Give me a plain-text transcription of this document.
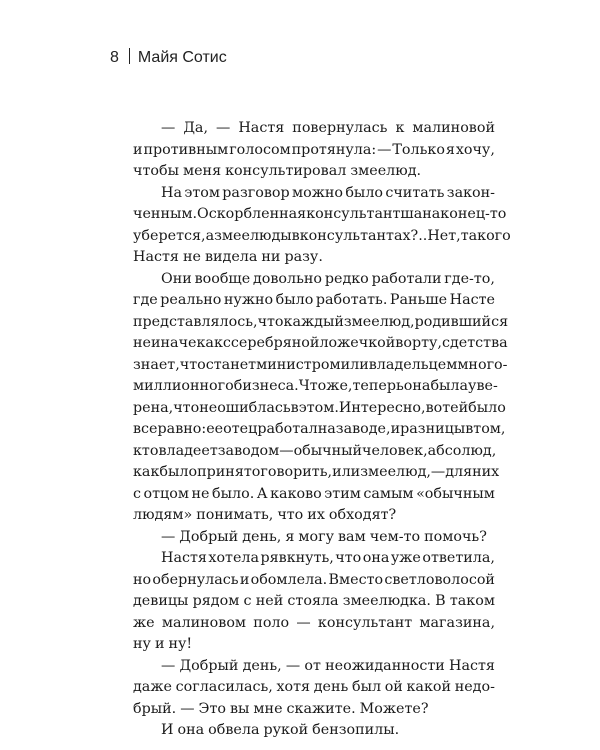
8 Майя Сотис
— Да, — Настя повернулась к малиновой
и противным голосом протянула: — Только я хочу,
чтобы меня консультировал змеелюд.
На этом разговор можно было считать закон-
ченным. Оскорбленная консультантша наконец-то
уберется, а змеелюды в консультантах?.. Нет, такого
Настя не видела ни разу.
Они вообще довольно редко работали где-то,
где реально нужно было работать. Раньше Насте
представлялось, что каждый змеелюд, родившийся
не иначе как с серебряной ложечкой во рту, с детства
знает, что станет министром или владельцем много-
миллионного бизнеса. Что же, теперь она была уве-
рена, что не ошиблась в этом. Интересно, вот ей было
все равно: ее отец работал на заводе, и разницы в том,
кто владеет заводом — обычный человек, абсолюд,
как было принято говорить, или змеелюд, — для них
с отцом не было. А каково этим самым «обычным
людям» понимать, что их обходят?
— Добрый день, я могу вам чем-то помочь?
Настя хотела рявкнуть, что она уже ответила,
но обернулась и обомлела. Вместо светловолосой
девицы рядом с ней стояла змеелюдка. В таком
же малиновом поло — консультант магазина,
ну и ну!
— Добрый день, — от неожиданности Настя
даже согласилась, хотя день был ой какой недо-
брый. — Это вы мне скажите. Можете?
И она обвела рукой бензопилы.
